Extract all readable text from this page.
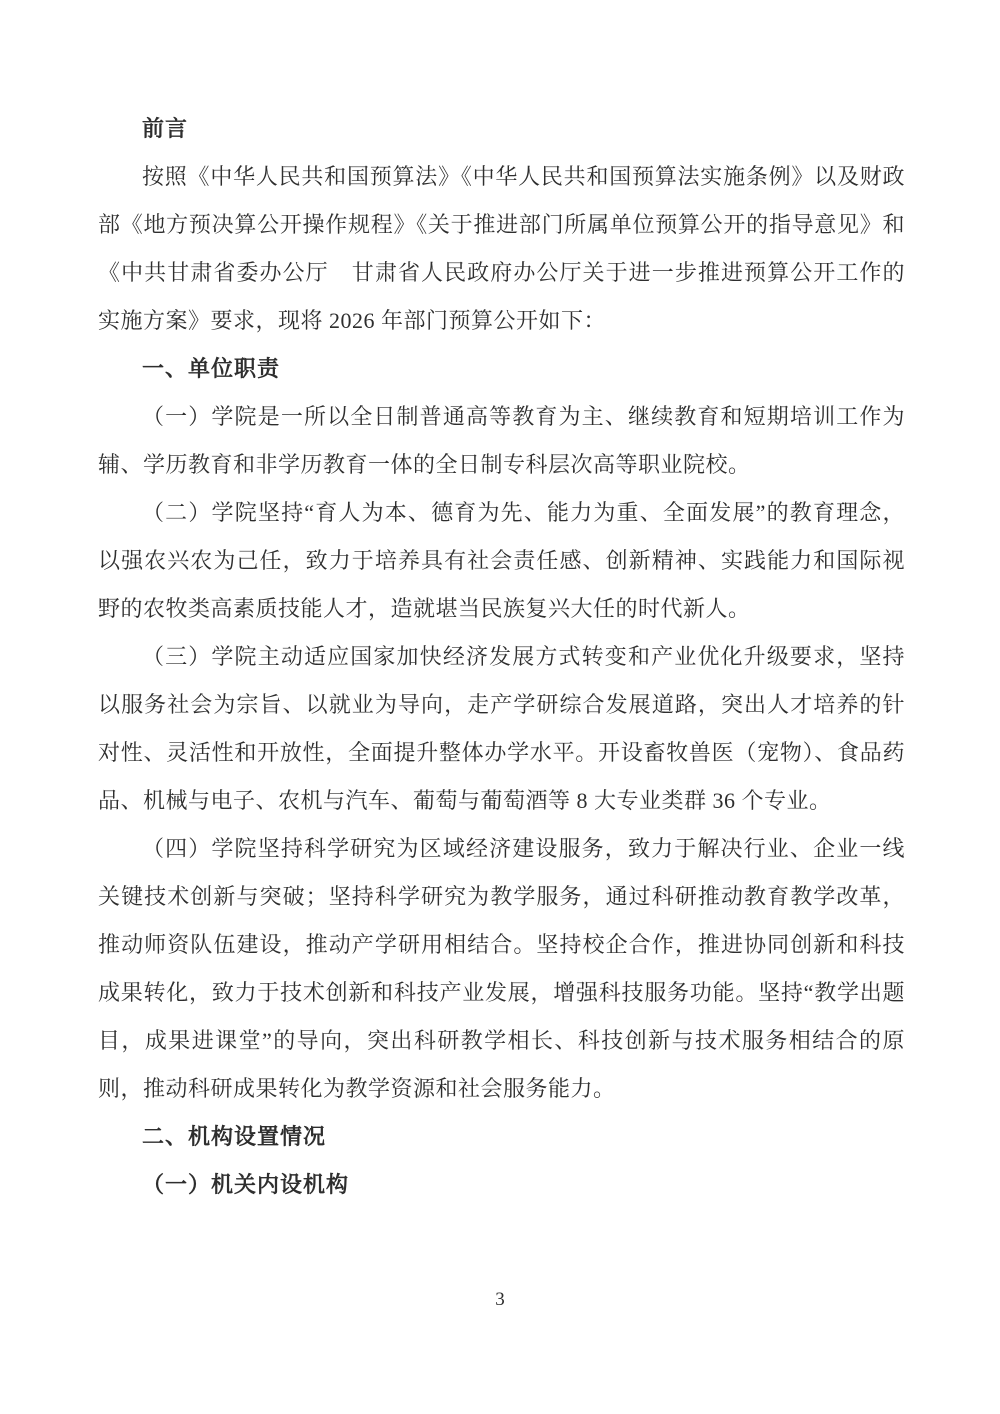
前言

按照《中华人民共和国预算法》《中华人民共和国预算法实施条例》以及财政部《地方预决算公开操作规程》《关于推进部门所属单位预算公开的指导意见》和《中共甘肃省委办公厅　甘肃省人民政府办公厅关于进一步推进预算公开工作的实施方案》要求，现将 2026 年部门预算公开如下：

一、单位职责

（一）学院是一所以全日制普通高等教育为主、继续教育和短期培训工作为辅、学历教育和非学历教育一体的全日制专科层次高等职业院校。

（二）学院坚持“育人为本、德育为先、能力为重、全面发展”的教育理念，以强农兴农为己任，致力于培养具有社会责任感、创新精神、实践能力和国际视野的农牧类高素质技能人才，造就堪当民族复兴大任的时代新人。

（三）学院主动适应国家加快经济发展方式转变和产业优化升级要求，坚持以服务社会为宗旨、以就业为导向，走产学研综合发展道路，突出人才培养的针对性、灵活性和开放性，全面提升整体办学水平。开设畜牧兽医（宠物）、食品药品、机械与电子、农机与汽车、葡萄与葡萄酒等 8 大专业类群 36 个专业。

（四）学院坚持科学研究为区域经济建设服务，致力于解决行业、企业一线关键技术创新与突破；坚持科学研究为教学服务，通过科研推动教育教学改革，推动师资队伍建设，推动产学研用相结合。坚持校企合作，推进协同创新和科技成果转化，致力于技术创新和科技产业发展，增强科技服务功能。坚持“教学出题目，成果进课堂”的导向，突出科研教学相长、科技创新与技术服务相结合的原则，推动科研成果转化为教学资源和社会服务能力。

二、机构设置情况
（一）机关内设机构
3
